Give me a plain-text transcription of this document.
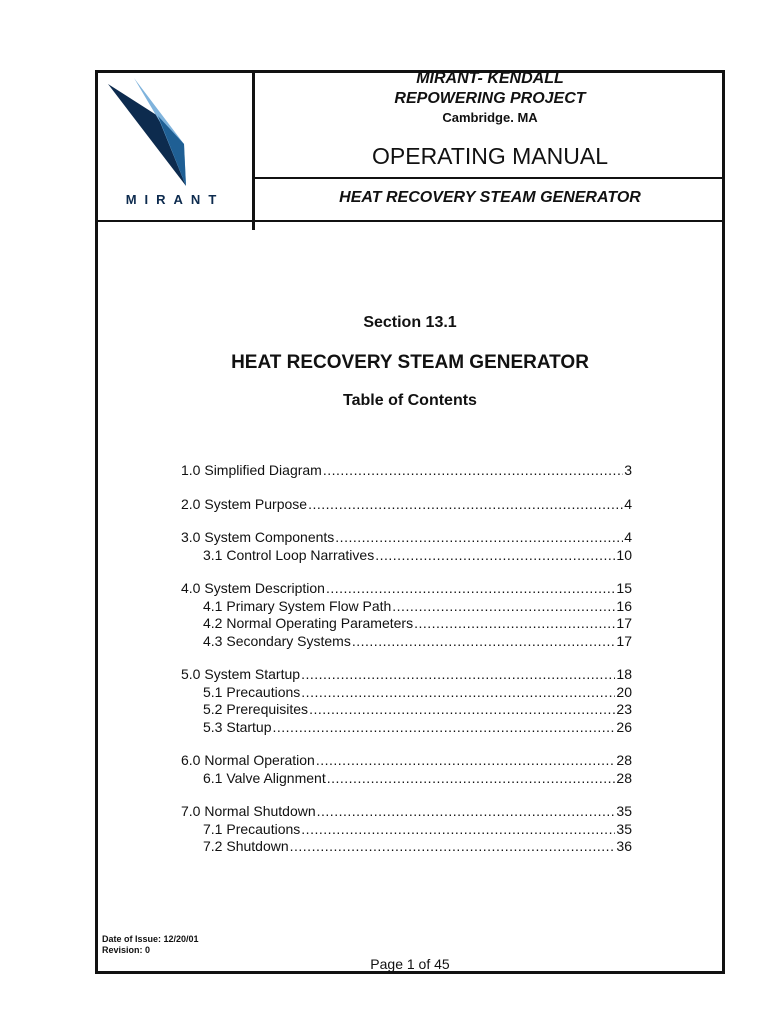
MIRANT
MIRANT- KENDALL
REPOWERING PROJECT
Cambridge. MA
OPERATING MANUAL
HEAT RECOVERY STEAM GENERATOR
Section 13.1
HEAT RECOVERY STEAM GENERATOR
Table of Contents
1.0 Simplified Diagram .....	3
2.0 System Purpose .....	4
3.0 System Components .....	4
3.1 Control Loop Narratives .....	10
4.0 System Description .....	15
4.1 Primary System Flow Path .....	16
4.2 Normal Operating Parameters .....	17
4.3 Secondary Systems .....	17
5.0 System Startup .....	18
5.1 Precautions .....	20
5.2 Prerequisites .....	23
5.3 Startup .....	26
6.0 Normal Operation .....	28
6.1 Valve Alignment .....	28
7.0 Normal Shutdown .....	35
7.1 Precautions .....	35
7.2 Shutdown .....	36
Date of Issue: 12/20/01
Revision: 0
Page 1 of 45
